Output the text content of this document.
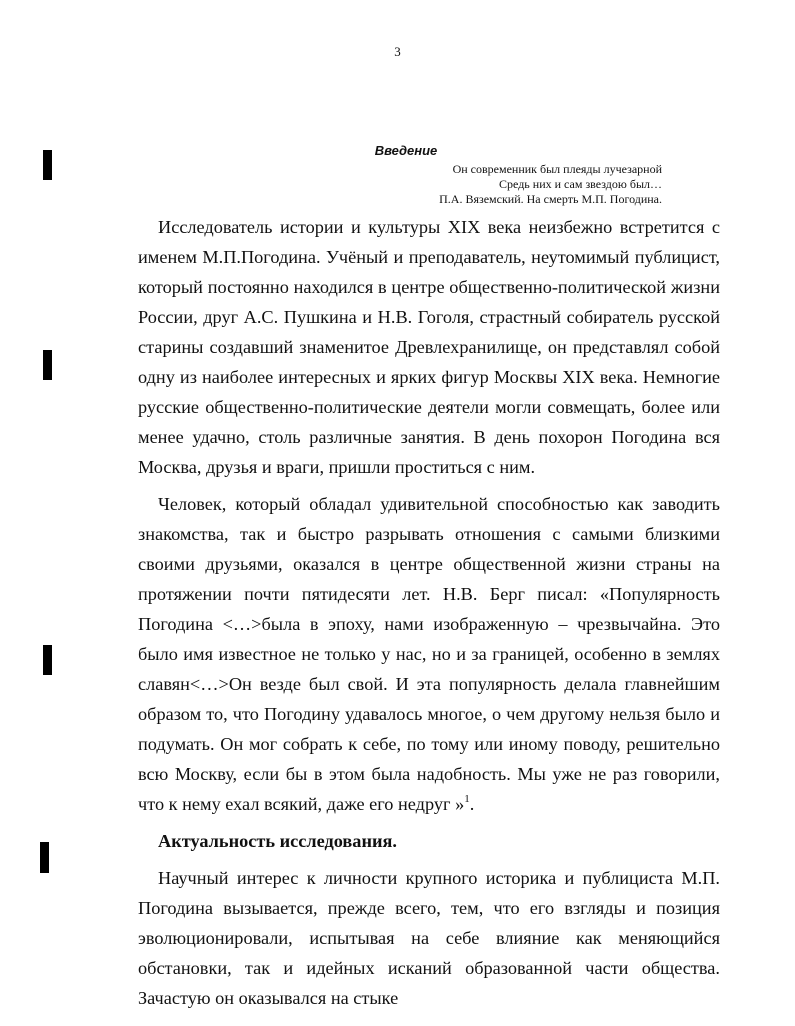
3
Введение
Он современник был плеяды лучезарной
Средь них и сам звездою был…
П.А. Вяземский. На смерть М.П. Погодина.

Исследователь истории и культуры XIX века неизбежно встретится с именем М.П.Погодина. Учёный и преподаватель, неутомимый публицист, который постоянно находился в центре общественно-политической жизни России, друг А.С. Пушкина и Н.В. Гоголя, страстный собиратель русской старины создавший знаменитое Древлехранилище, он представлял собой одну из наиболее интересных и ярких фигур Москвы XIX века. Немногие русские общественно-политические деятели могли совмещать, более или менее удачно, столь различные занятия. В день похорон Погодина вся Москва, друзья и враги, пришли проститься с ним.

Человек, который обладал удивительной способностью как заводить знакомства, так и быстро разрывать отношения с самыми близкими своими друзьями, оказался в центре общественной жизни страны на протяжении почти пятидесяти лет. Н.В. Берг писал: «Популярность Погодина <…>была в эпоху, нами изображенную – чрезвычайна. Это было имя известное не только у нас, но и за границей, особенно в землях славян<…>Он везде был свой. И эта популярность делала главнейшим образом то, что Погодину удавалось многое, о чем другому нельзя было и подумать. Он мог собрать к себе, по тому или иному поводу, решительно всю Москву, если бы в этом была надобность. Мы уже не раз говорили, что к нему ехал всякий, даже его недруг »$^1$.

Актуальность исследования.

Научный интерес к личности крупного историка и публициста М.П. Погодина вызывается, прежде всего, тем, что его взгляды и позиция эволюционировали, испытывая на себе влияние как меняющийся обстановки, так и идейных исканий образованной части общества. Зачастую он оказывался на стыке
